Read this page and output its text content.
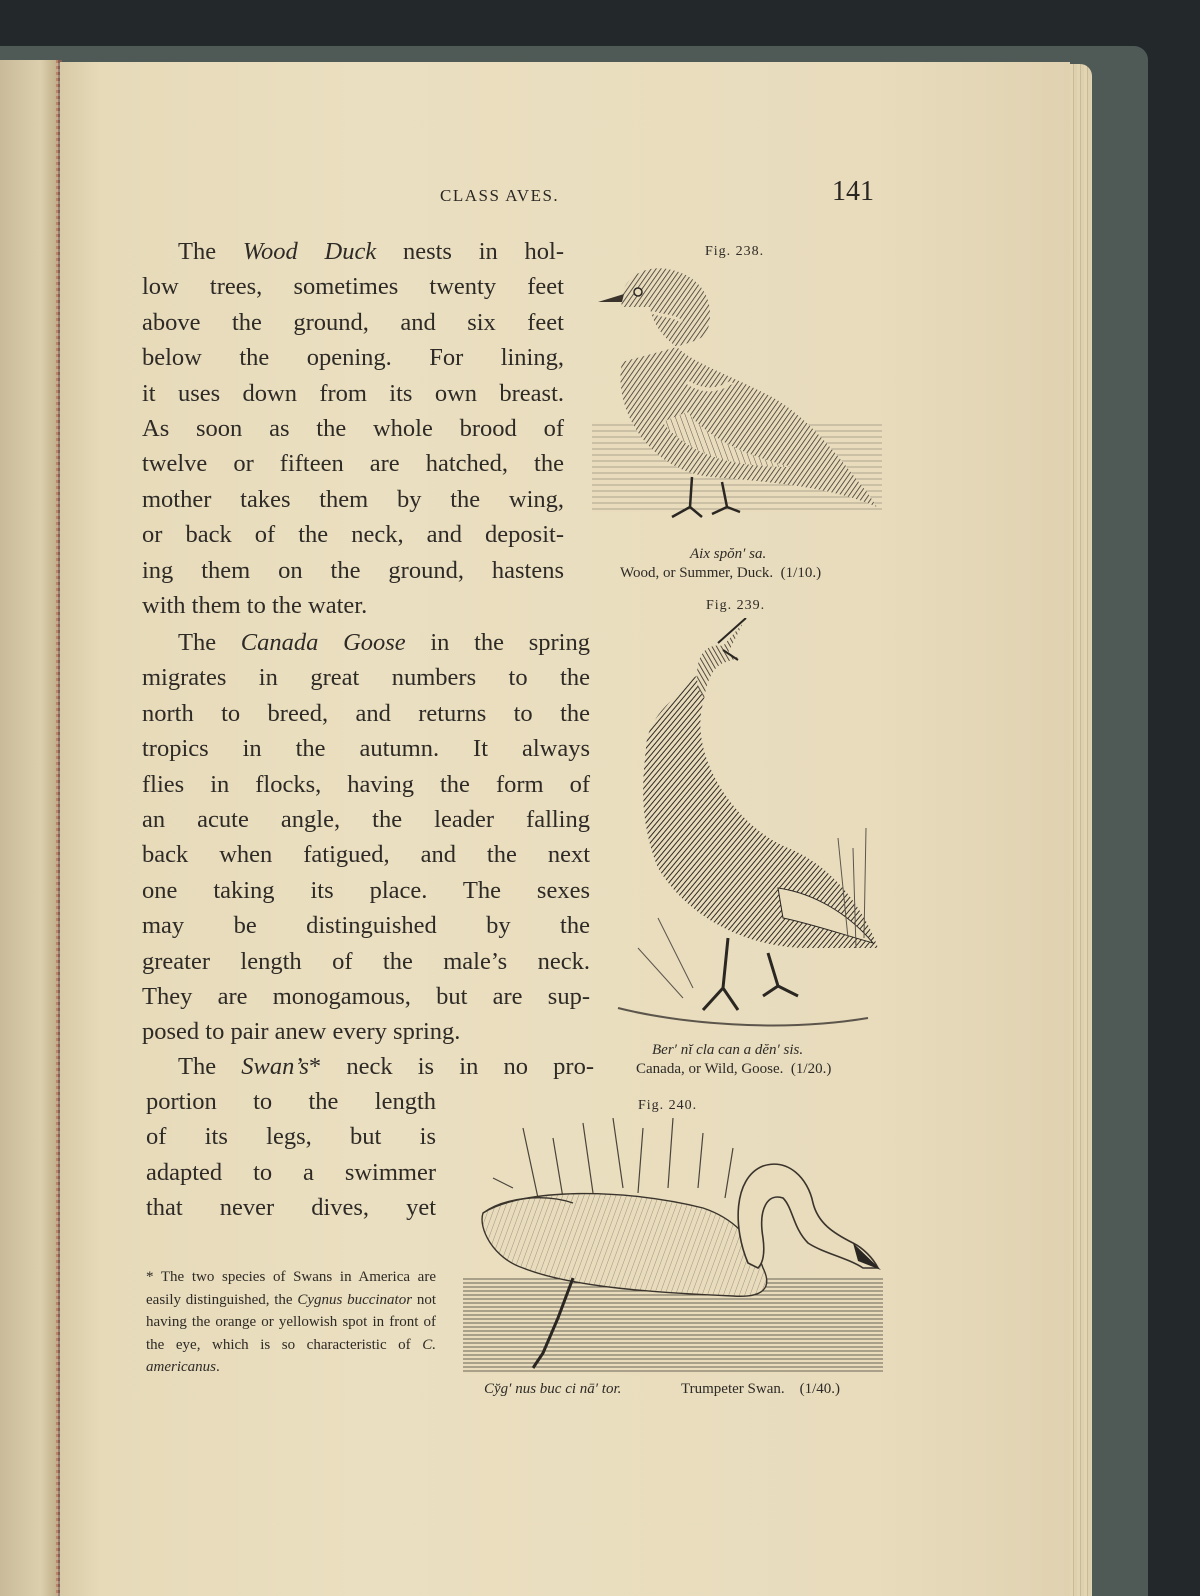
CLASS AVES.	141
The Wood Duck nests in hol-
low trees, sometimes twenty feet
above the ground, and six feet
below the opening. For lining,
it uses down from its own breast.
As soon as the whole brood of
twelve or fifteen are hatched, the
mother takes them by the wing,
or back of the neck, and deposit-
ing them on the ground, hastens
with them to the water.
The Canada Goose in the spring
migrates in great numbers to the
north to breed, and returns to the
tropics in the autumn. It always
flies in flocks, having the form of
an acute angle, the leader falling
back when fatigued, and the next
one taking its place. The sexes
may be distinguished by the
greater length of the male’s neck.
They are monogamous, but are sup-
posed to pair anew every spring.
The Swan’s* neck is in no pro-
portion to the length
of its legs, but is
adapted to a swimmer
that never dives, yet
* The two species of Swans in America are easily distinguished, the Cygnus buccinator not having the orange or yellowish spot in front of the eye, which is so characteristic of C. americanus.
Fig. 238.
Aix spŏn′ sa.
Wood, or Summer, Duck. (1/10.)
Fig. 239.
Ber′ nĭ cla can a dĕn′ sis.
Canada, or Wild, Goose. (1/20.)
Fig. 240.
Cy̆g′ nus buc ci nā′ tor.	Trumpeter Swan. (1/40.)
